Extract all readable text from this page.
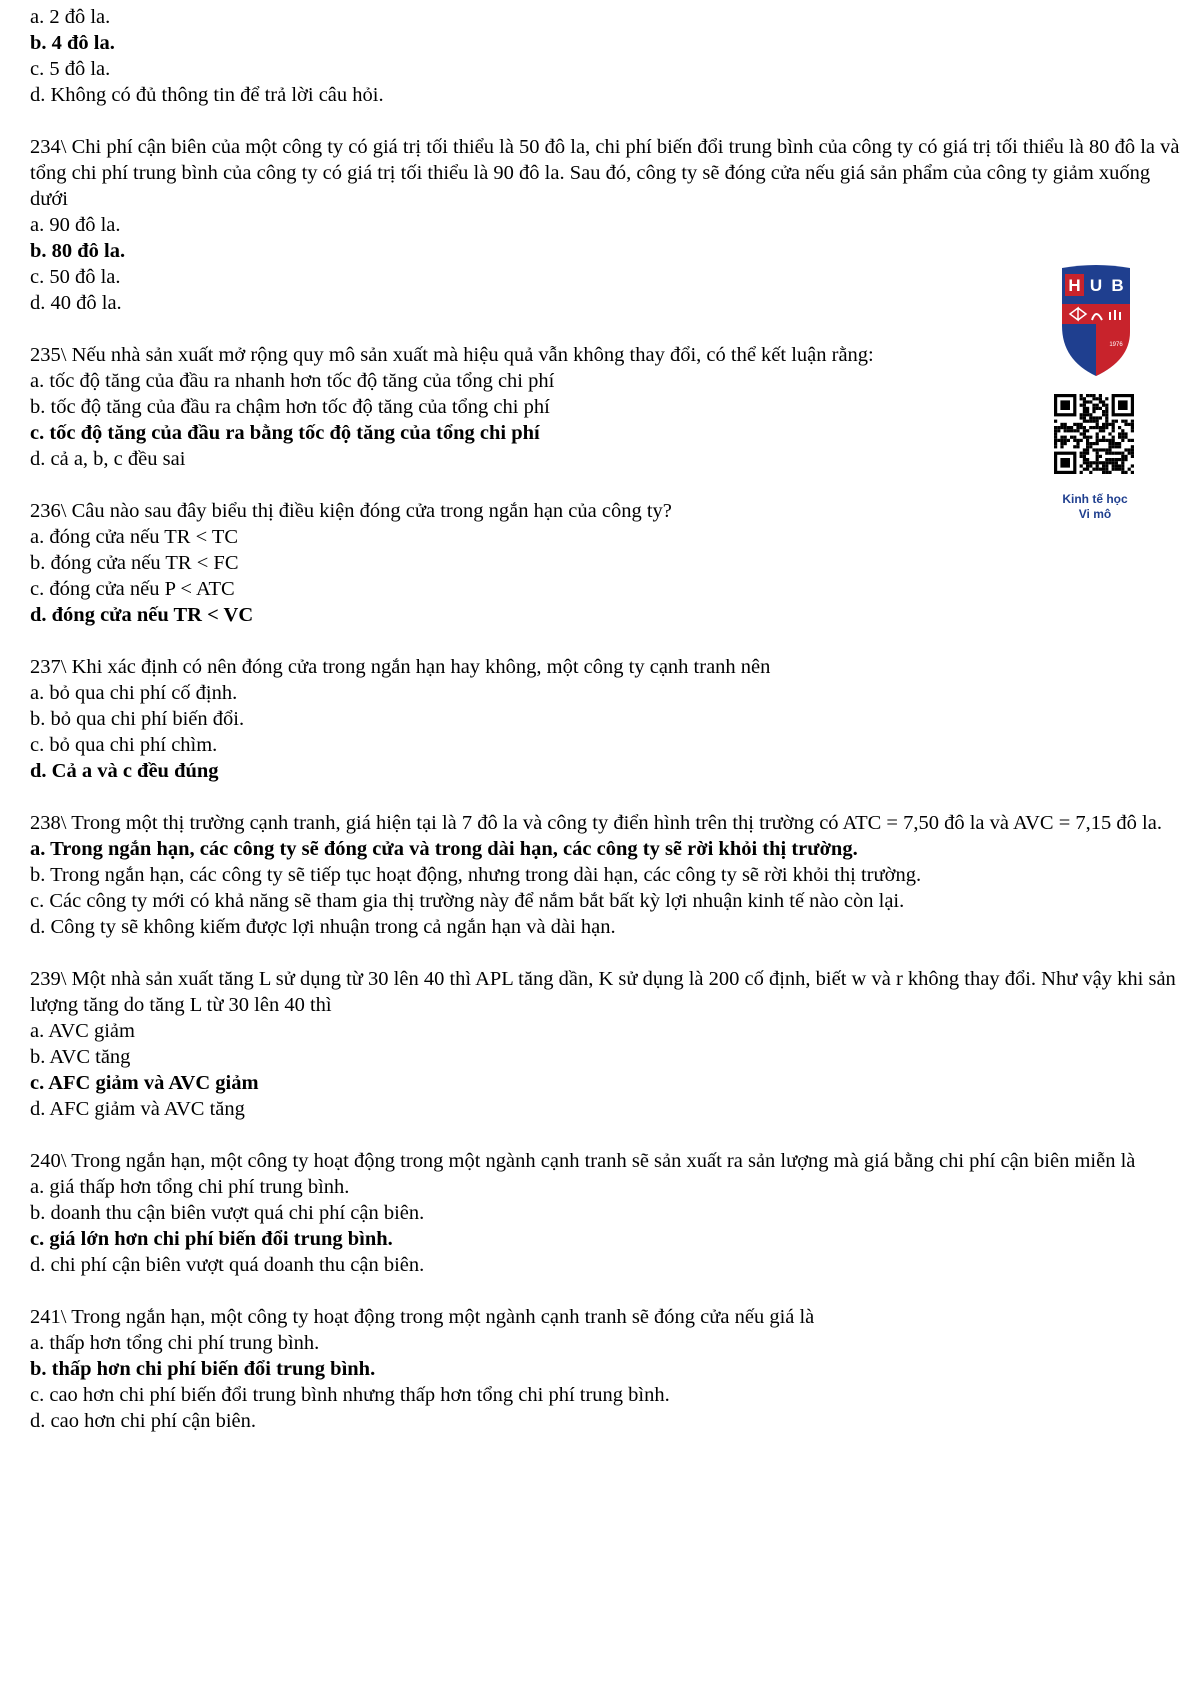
a. 2 đô la.

b. 4 đô la.

c. 5 đô la.

d. Không có đủ thông tin để trả lời câu hỏi.

234\ Chi phí cận biên của một công ty có giá trị tối thiểu là 50 đô la, chi phí biến đổi trung bình của công ty có giá trị tối thiểu là 80 đô la và tổng chi phí trung bình của công ty có giá trị tối thiểu là 90 đô la. Sau đó, công ty sẽ đóng cửa nếu giá sản phẩm của công ty giảm xuống dưới

a. 90 đô la.

b. 80 đô la.

c. 50 đô la.

d. 40 đô la.

235\ Nếu nhà sản xuất mở rộng quy mô sản xuất mà hiệu quả vẫn không thay đổi, có thể kết luận rằng:

a. tốc độ tăng của đầu ra nhanh hơn tốc độ tăng của tổng chi phí

b. tốc độ tăng của đầu ra chậm hơn tốc độ tăng của tổng chi phí

c. tốc độ tăng của đầu ra bằng tốc độ tăng của tổng chi phí

d. cả a, b, c đều sai

236\ Câu nào sau đây biểu thị điều kiện đóng cửa trong ngắn hạn của công ty?

a. đóng cửa nếu TR < TC

b. đóng cửa nếu TR < FC

c. đóng cửa nếu P < ATC

d. đóng cửa nếu TR < VC

237\ Khi xác định có nên đóng cửa trong ngắn hạn hay không, một công ty cạnh tranh nên

a. bỏ qua chi phí cố định.

b. bỏ qua chi phí biến đổi.

c. bỏ qua chi phí chìm.

d. Cả a và c đều đúng

238\ Trong một thị trường cạnh tranh, giá hiện tại là 7 đô la và công ty điển hình trên thị trường có ATC = 7,50 đô la và AVC = 7,15 đô la.

a. Trong ngắn hạn, các công ty sẽ đóng cửa và trong dài hạn, các công ty sẽ rời khỏi thị trường.

b. Trong ngắn hạn, các công ty sẽ tiếp tục hoạt động, nhưng trong dài hạn, các công ty sẽ rời khỏi thị trường.

c. Các công ty mới có khả năng sẽ tham gia thị trường này để nắm bắt bất kỳ lợi nhuận kinh tế nào còn lại.

d. Công ty sẽ không kiếm được lợi nhuận trong cả ngắn hạn và dài hạn.

239\ Một nhà sản xuất tăng L sử dụng từ 30 lên 40 thì APL tăng dần, K sử dụng là 200 cố định, biết w và r không thay đổi. Như vậy khi sản lượng tăng do tăng L từ 30 lên 40 thì

a. AVC giảm

b. AVC tăng

c. AFC giảm và AVC giảm

d. AFC giảm và AVC tăng

240\ Trong ngắn hạn, một công ty hoạt động trong một ngành cạnh tranh sẽ sản xuất ra sản lượng mà giá bằng chi phí cận biên miễn là

a. giá thấp hơn tổng chi phí trung bình.

b. doanh thu cận biên vượt quá chi phí cận biên.

c. giá lớn hơn chi phí biến đổi trung bình.

d. chi phí cận biên vượt quá doanh thu cận biên.

241\ Trong ngắn hạn, một công ty hoạt động trong một ngành cạnh tranh sẽ đóng cửa nếu giá là

a. thấp hơn tổng chi phí trung bình.

b. thấp hơn chi phí biến đổi trung bình.

c. cao hơn chi phí biến đổi trung bình nhưng thấp hơn tổng chi phí trung bình.

d. cao hơn chi phí cận biên.

H U B
1976
Kinh tế học
Vi mô
